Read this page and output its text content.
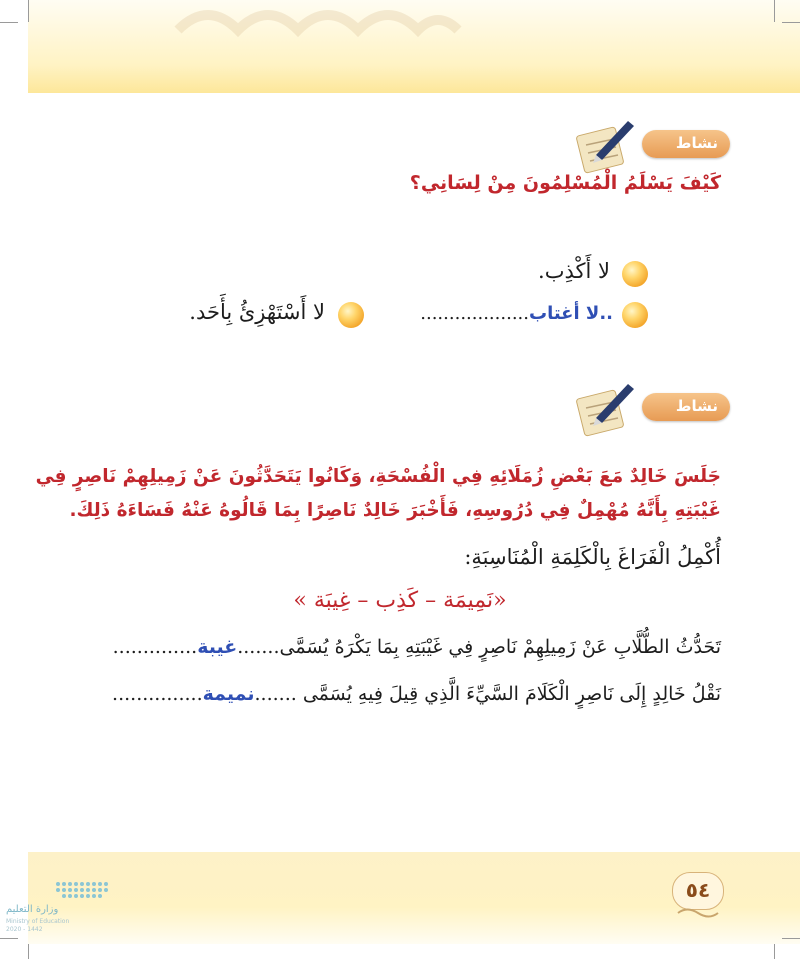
نشاط
كَيْفَ يَسْلَمُ الْمُسْلِمُونَ مِنْ لِسَانِي؟
لا أَكْذِب.
..لا أغتاب...................
لا أَسْتَهْزِئُ بِأَحَد.
نشاط
جَلَسَ خَالِدٌ مَعَ بَعْضِ زُمَلَائِهِ فِي الْفُسْحَةِ، وَكَانُوا يَتَحَدَّثُونَ عَنْ زَمِيلِهِمْ نَاصِرٍ فِي
غَيْبَتِهِ بِأَنَّهُ مُهْمِلٌ فِي دُرُوسِهِ، فَأَخْبَرَ خَالِدٌ نَاصِرًا بِمَا قَالُوهُ عَنْهُ فَسَاءَهُ ذَلِكَ.
أُكْمِلُ الْفَرَاغَ بِالْكَلِمَةِ الْمُنَاسِبَةِ:
«نَمِيمَة – كَذِب – غِيبَة »
تَحَدُّثُ الطُّلَّابِ عَنْ زَمِيلِهِمْ نَاصِرٍ فِي غَيْبَتِهِ بِمَا يَكْرَهُ يُسَمَّى.......غيبة..............
نَقْلُ خَالِدٍ إِلَى نَاصِرٍ الْكَلَامَ السَّيِّءَ الَّذِي قِيلَ فِيهِ يُسَمَّى .......نميمة...............
٥٤
وزارة التعليم
Ministry of Education
2020 - 1442
